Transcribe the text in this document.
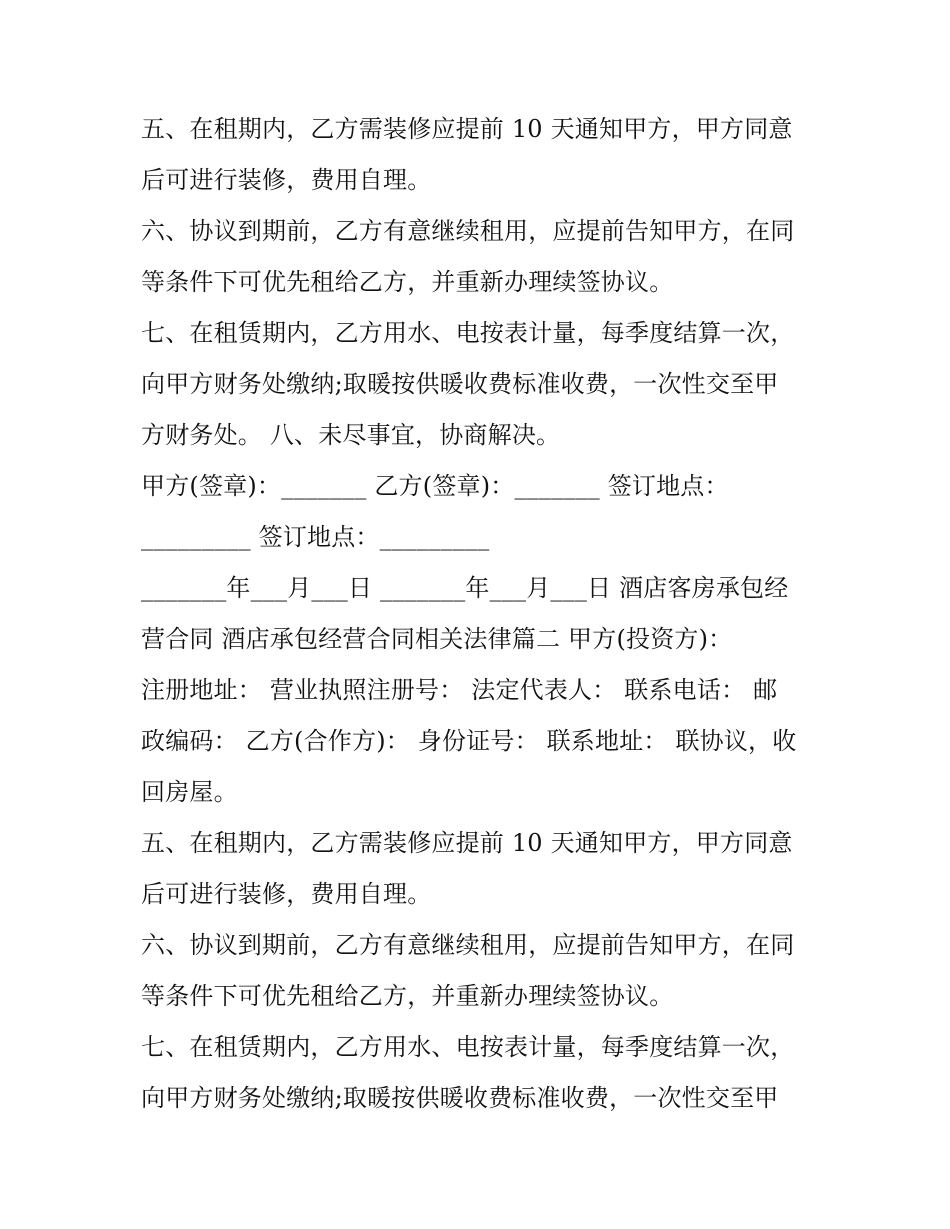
五、在租期内，乙方需装修应提前 10 天通知甲方，甲方同意
后可进行装修，费用自理。
六、协议到期前，乙方有意继续租用，应提前告知甲方，在同
等条件下可优先租给乙方，并重新办理续签协议。
七、在租赁期内，乙方用水、电按表计量，每季度结算一次，
向甲方财务处缴纳;取暖按供暖收费标准收费，一次性交至甲
方财务处。 八、未尽事宜，协商解决。
甲方(签章)：_______ 乙方(签章)：_______ 签订地点：
_________ 签订地点：_________
_______年___月___日 _______年___月___日 酒店客房承包经
营合同 酒店承包经营合同相关法律篇二 甲方(投资方)：
注册地址： 营业执照注册号： 法定代表人： 联系电话： 邮
政编码： 乙方(合作方)： 身份证号： 联系地址： 联协议，收
回房屋。
五、在租期内，乙方需装修应提前 10 天通知甲方，甲方同意
后可进行装修，费用自理。
六、协议到期前，乙方有意继续租用，应提前告知甲方，在同
等条件下可优先租给乙方，并重新办理续签协议。
七、在租赁期内，乙方用水、电按表计量，每季度结算一次，
向甲方财务处缴纳;取暖按供暖收费标准收费，一次性交至甲
